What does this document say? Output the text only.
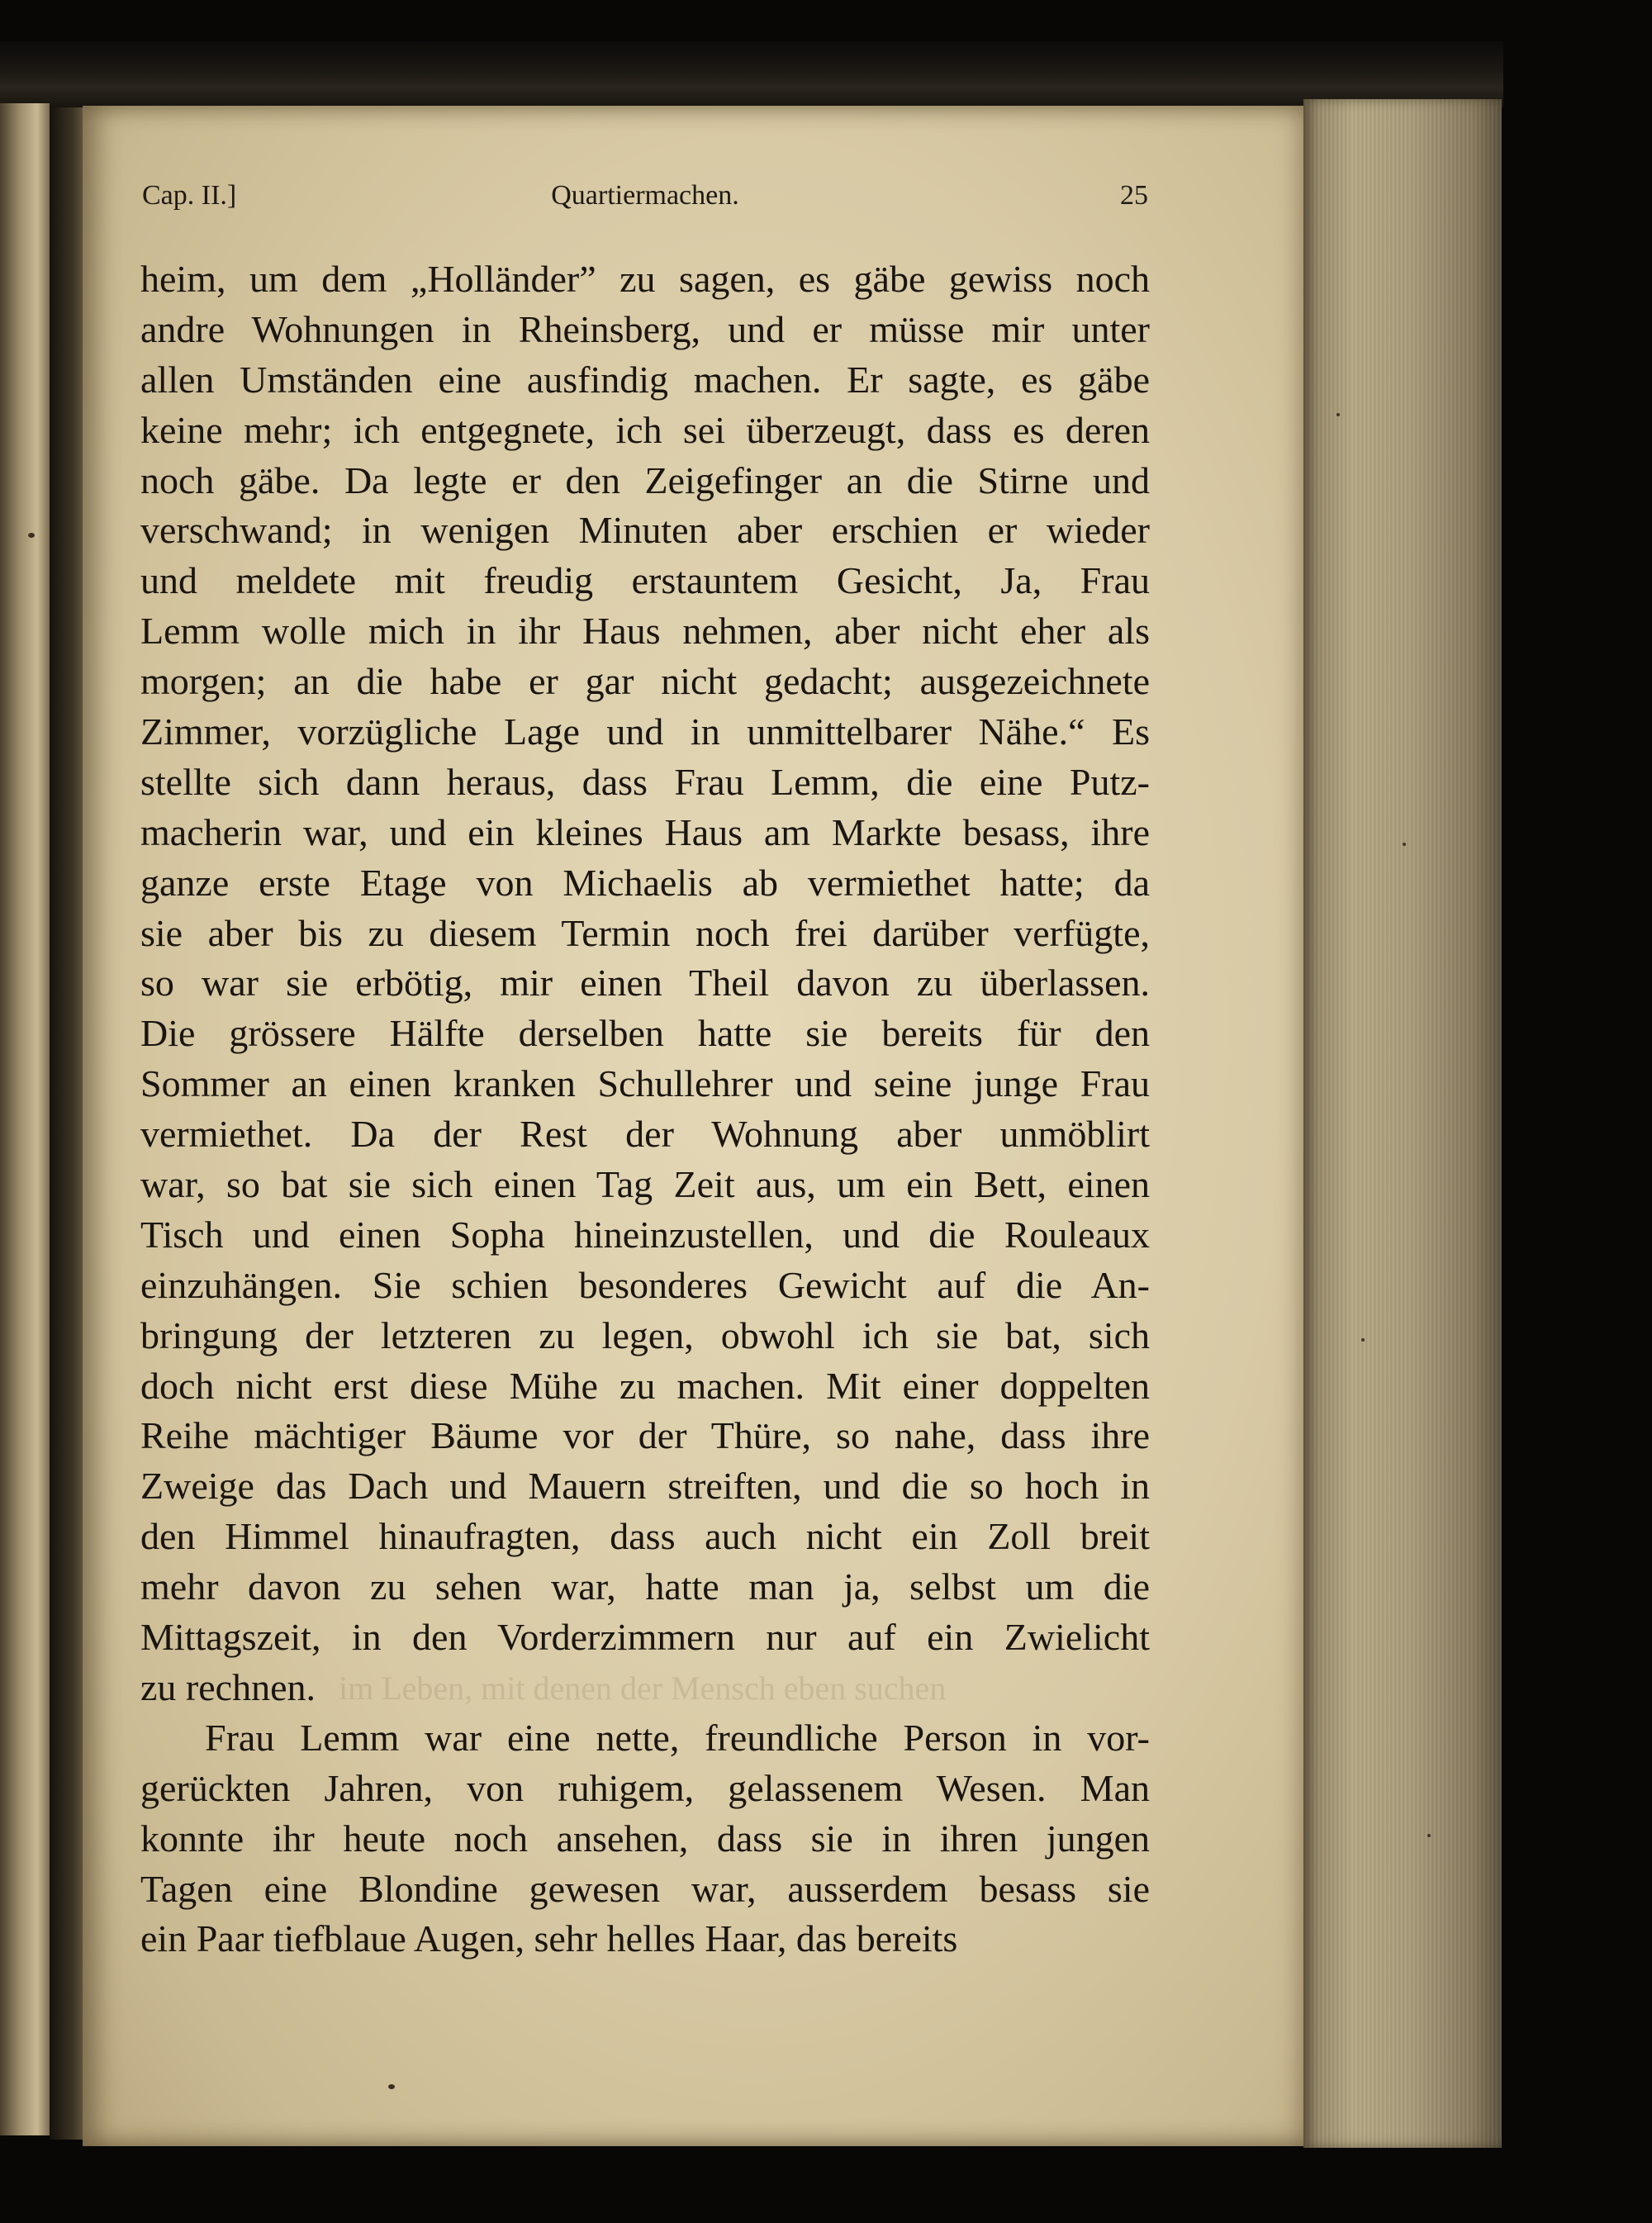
im Leben, mit denen der Mensch eben suchen
Cap. II.]	Quartiermachen.	25
heim, um dem „Holländer” zu sagen, es gäbe gewiss noch
andre Wohnungen in Rheinsberg, und er müsse mir unter
allen Umständen eine ausfindig machen. Er sagte, es gäbe
keine mehr; ich entgegnete, ich sei überzeugt, dass es deren
noch gäbe. Da legte er den Zeigefinger an die Stirne und
verschwand; in wenigen Minuten aber erschien er wieder
und meldete mit freudig erstauntem Gesicht, Ja, Frau
Lemm wolle mich in ihr Haus nehmen, aber nicht eher als
morgen; an die habe er gar nicht gedacht; ausgezeichnete
Zimmer, vorzügliche Lage und in unmittelbarer Nähe.“ Es
stellte sich dann heraus, dass Frau Lemm, die eine Putz-
macherin war, und ein kleines Haus am Markte besass, ihre
ganze erste Etage von Michaelis ab vermiethet hatte; da
sie aber bis zu diesem Termin noch frei darüber verfügte,
so war sie erbötig, mir einen Theil davon zu überlassen.
Die grössere Hälfte derselben hatte sie bereits für den
Sommer an einen kranken Schullehrer und seine junge Frau
vermiethet. Da der Rest der Wohnung aber unmöblirt
war, so bat sie sich einen Tag Zeit aus, um ein Bett, einen
Tisch und einen Sopha hineinzustellen, und die Rouleaux
einzuhängen. Sie schien besonderes Gewicht auf die An-
bringung der letzteren zu legen, obwohl ich sie bat, sich
doch nicht erst diese Mühe zu machen. Mit einer doppelten
Reihe mächtiger Bäume vor der Thüre, so nahe, dass ihre
Zweige das Dach und Mauern streiften, und die so hoch in
den Himmel hinaufragten, dass auch nicht ein Zoll breit
mehr davon zu sehen war, hatte man ja, selbst um die
Mittagszeit, in den Vorderzimmern nur auf ein Zwielicht
zu rechnen.
Frau Lemm war eine nette, freundliche Person in vor-
gerückten Jahren, von ruhigem, gelassenem Wesen. Man
konnte ihr heute noch ansehen, dass sie in ihren jungen
Tagen eine Blondine gewesen war, ausserdem besass sie
ein Paar tiefblaue Augen, sehr helles Haar, das bereits
